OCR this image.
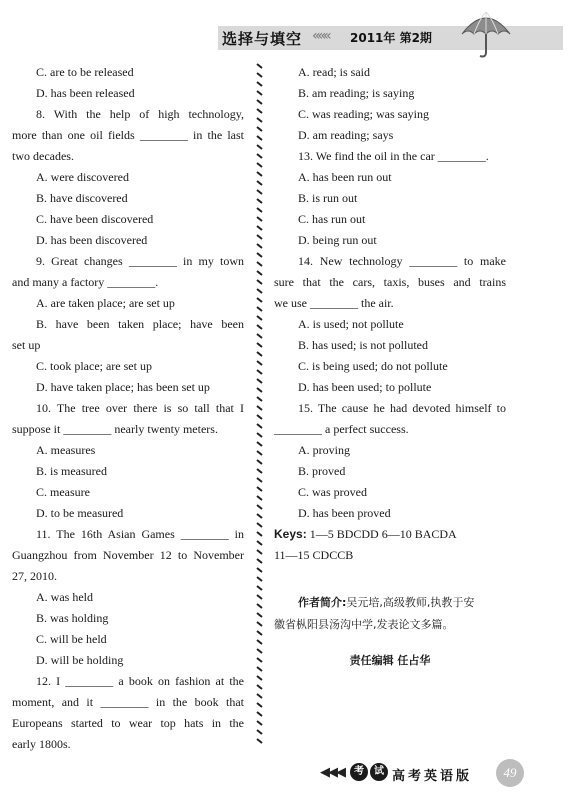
选择与填空 ««« 2011年 第2期
C. are to be released
D. has been released
8. With the help of high technology,
more than one oil fields ________ in the last
two decades.
A. were discovered
B. have discovered
C. have been discovered
D. has been discovered
9. Great changes ________ in my town
and many a factory ________.
A. are taken place; are set up
B. have been taken place; have been
set up
C. took place; are set up
D. have taken place; has been set up
10. The tree over there is so tall that I
suppose it ________ nearly twenty meters.
A. measures
B. is measured
C. measure
D. to be measured
11. The 16th Asian Games ________ in
Guangzhou from November 12 to November
27, 2010.
A. was held
B. was holding
C. will be held
D. will be holding
12. I ________ a book on fashion at the
moment, and it ________ in the book that
Europeans started to wear top hats in the
early 1800s.
A. read; is said
B. am reading; is saying
C. was reading; was saying
D. am reading; says
13. We find the oil in the car ________.
A. has been run out
B. is run out
C. has run out
D. being run out
14. New technology ________ to make
sure that the cars, taxis, buses and trains
we use ________ the air.
A. is used; not pollute
B. has used; is not polluted
C. is being used; do not pollute
D. has been used; to pollute
15. The cause he had devoted himself to
________ a perfect success.
A. proving
B. proved
C. was proved
D. has been proved
Keys: 1—5 BDCDD 6—10 BACDA
11—15 CDCCB
作者简介:吴元培,高级教师,执教于安
徽省枞阳县汤沟中学,发表论文多篇。
责任编辑 任占华
◀◀◀	考	试 高考英语版	49
